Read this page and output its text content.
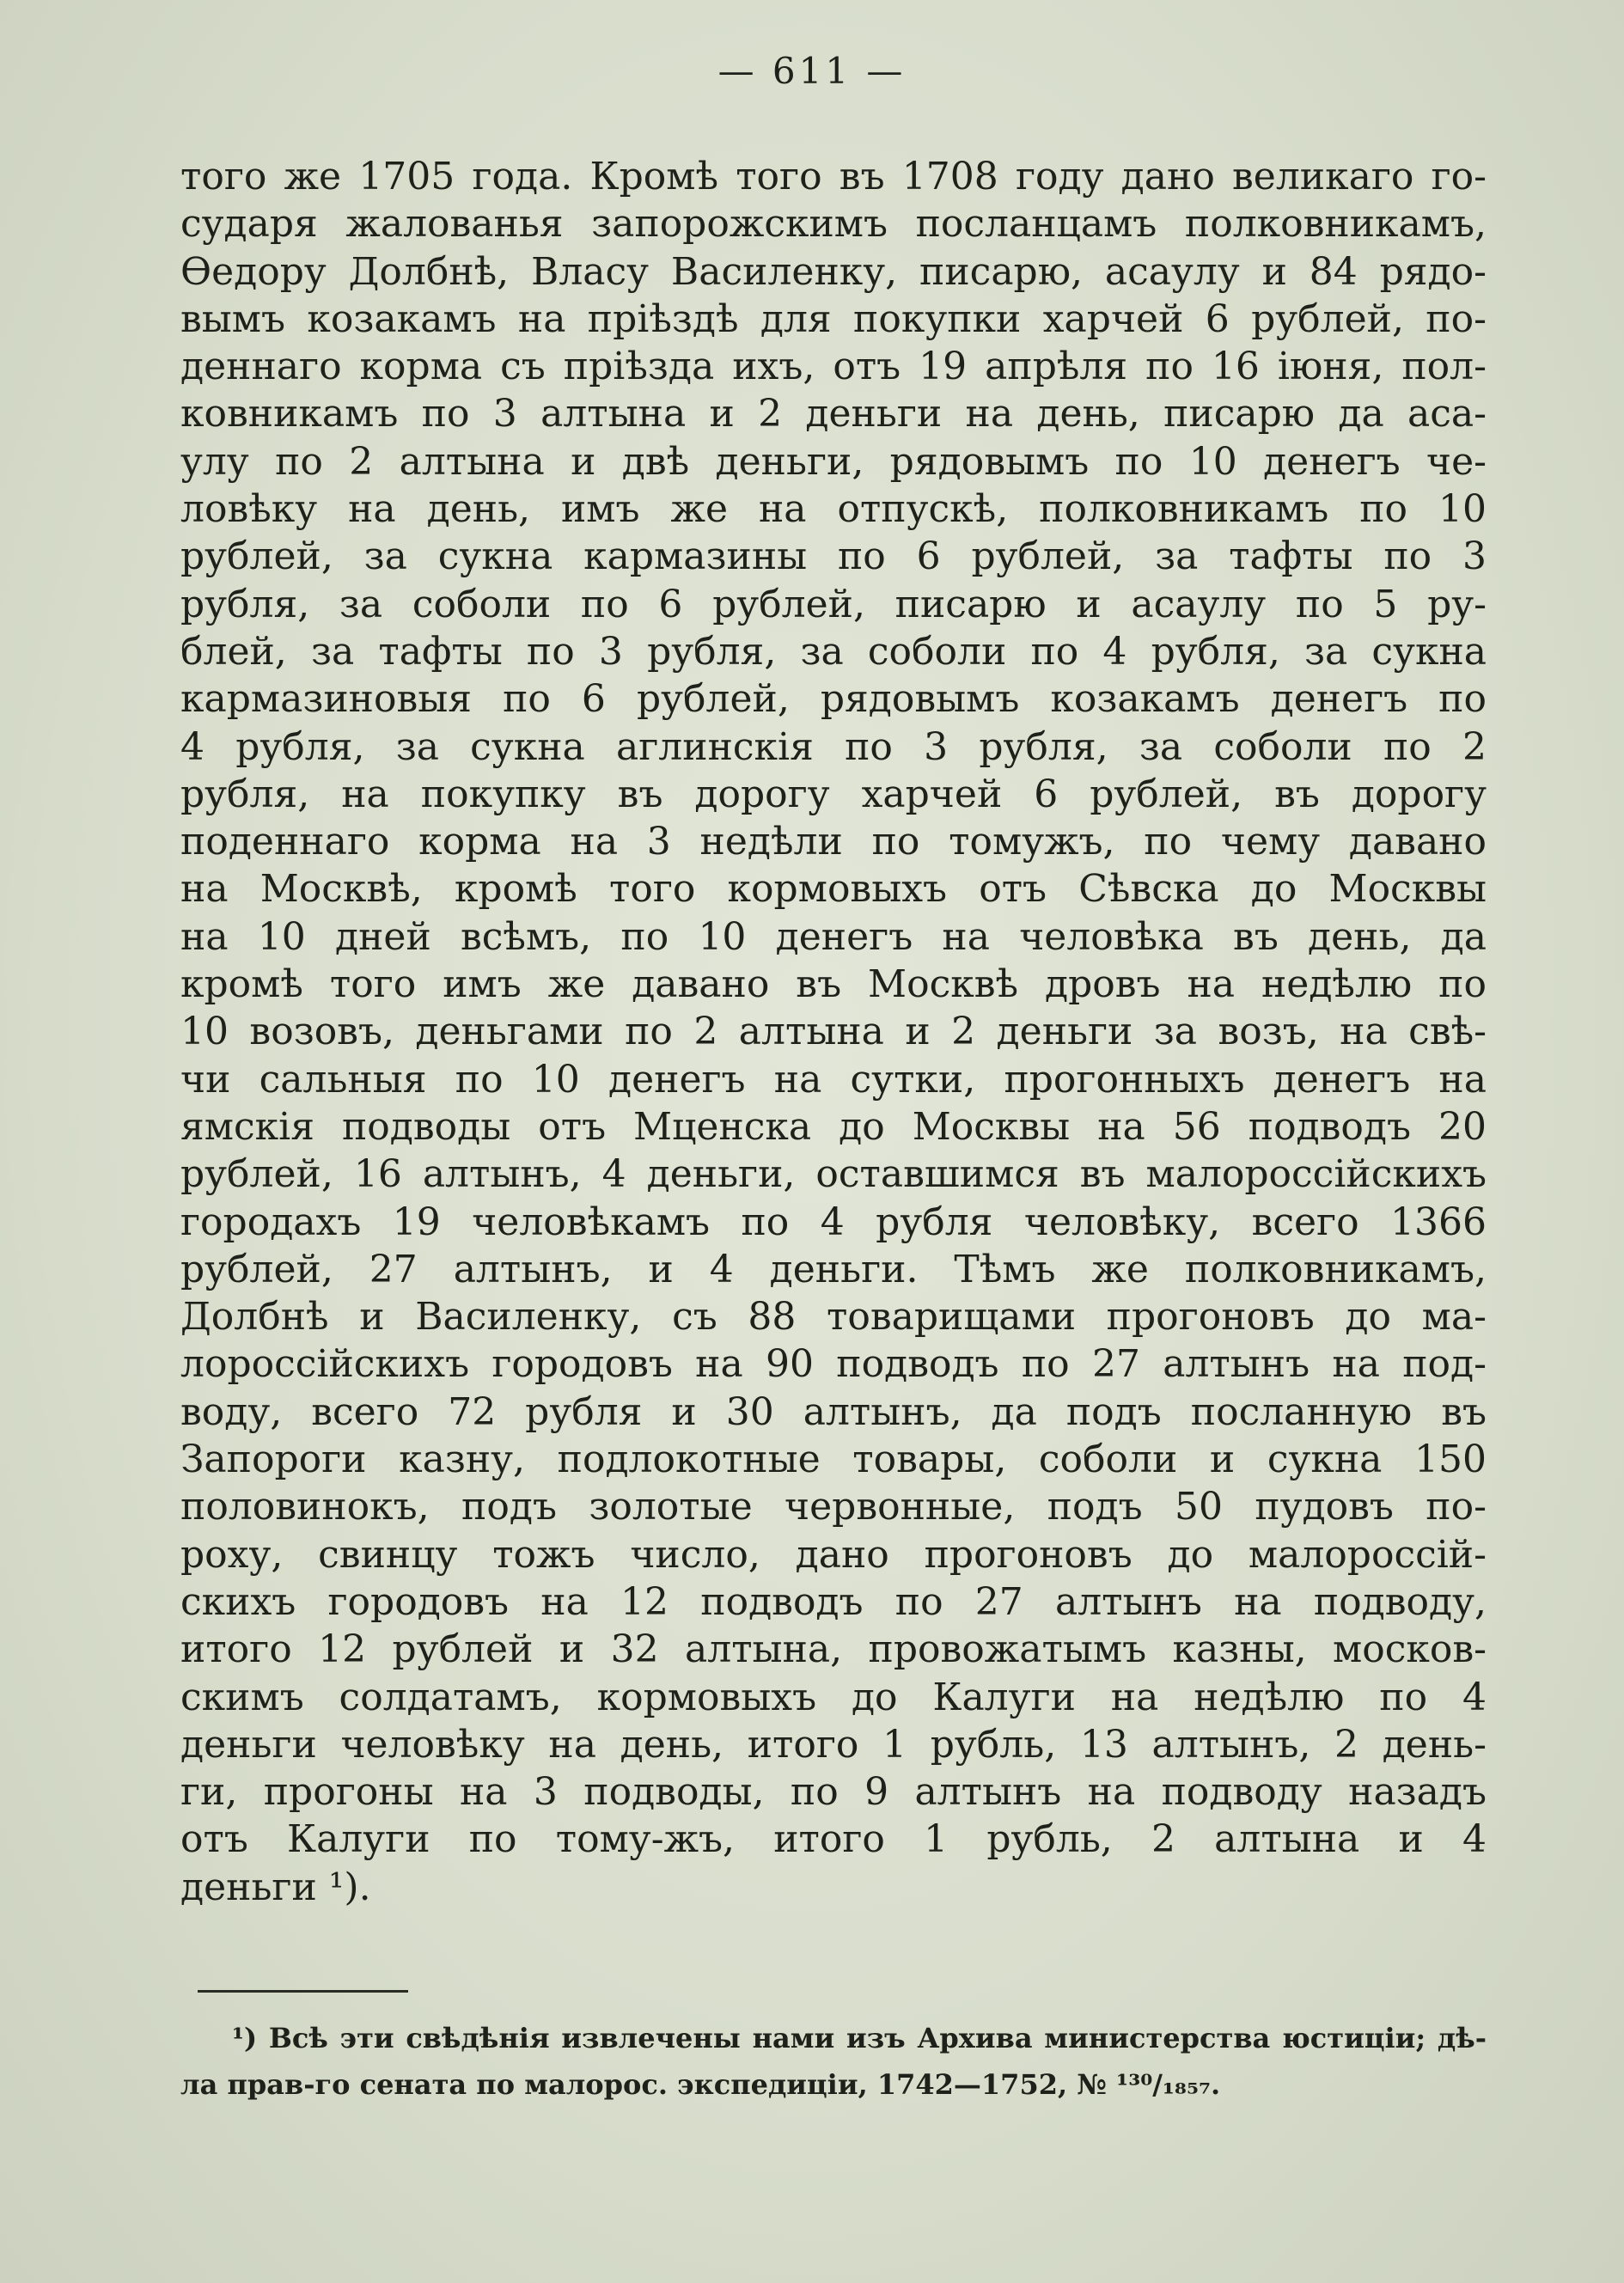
— 611 —
того же 1705 года. Кромѣ того въ 1708 году дано великаго го-
сударя жалованья запорожскимъ посланцамъ полковникамъ,
Ѳедору Долбнѣ, Власу Василенку, писарю, асаулу и 84 рядо-
вымъ козакамъ на пріѣздѣ для покупки харчей 6 рублей, по-
деннаго корма съ пріѣзда ихъ, отъ 19 апрѣля по 16 іюня, пол-
ковникамъ по 3 алтына и 2 деньги на день, писарю да аса-
улу по 2 алтына и двѣ деньги, рядовымъ по 10 денегъ че-
ловѣку на день, имъ же на отпускѣ, полковникамъ по 10
рублей, за сукна кармазины по 6 рублей, за тафты по 3
рубля, за соболи по 6 рублей, писарю и асаулу по 5 ру-
блей, за тафты по 3 рубля, за соболи по 4 рубля, за сукна
кармазиновыя по 6 рублей, рядовымъ козакамъ денегъ по
4 рубля, за сукна аглинскія по 3 рубля, за соболи по 2
рубля, на покупку въ дорогу харчей 6 рублей, въ дорогу
поденнаго корма на 3 недѣли по томужъ, по чему давано
на Москвѣ, кромѣ того кормовыхъ отъ Сѣвска до Москвы
на 10 дней всѣмъ, по 10 денегъ на человѣка въ день, да
кромѣ того имъ же давано въ Москвѣ дровъ на недѣлю по
10 возовъ, деньгами по 2 алтына и 2 деньги за возъ, на свѣ-
чи сальныя по 10 денегъ на сутки, прогонныхъ денегъ на
ямскія подводы отъ Мценска до Москвы на 56 подводъ 20
рублей, 16 алтынъ, 4 деньги, оставшимся въ малороссійскихъ
городахъ 19 человѣкамъ по 4 рубля человѣку, всего 1366
рублей, 27 алтынъ, и 4 деньги. Тѣмъ же полковникамъ,
Долбнѣ и Василенку, съ 88 товарищами прогоновъ до ма-
лороссійскихъ городовъ на 90 подводъ по 27 алтынъ на под-
воду, всего 72 рубля и 30 алтынъ, да подъ посланную въ
Запороги казну, подлокотные товары, соболи и сукна 150
половинокъ, подъ золотые червонные, подъ 50 пудовъ по-
роху, свинцу тожъ число, дано прогоновъ до малороссій-
скихъ городовъ на 12 подводъ по 27 алтынъ на подводу,
итого 12 рублей и 32 алтына, провожатымъ казны, москов-
скимъ солдатамъ, кормовыхъ до Калуги на недѣлю по 4
деньги человѣку на день, итого 1 рубль, 13 алтынъ, 2 день-
ги, прогоны на 3 подводы, по 9 алтынъ на подводу назадъ
отъ Калуги по тому-жъ, итого 1 рубль, 2 алтына и 4
деньги ¹).
¹) Всѣ эти свѣдѣнія извлечены нами изъ Архива министерства юстиціи; дѣ-
ла прав-го сената по малорос. экспедиціи, 1742—1752, № ¹³⁰/₁₈₅₇.
